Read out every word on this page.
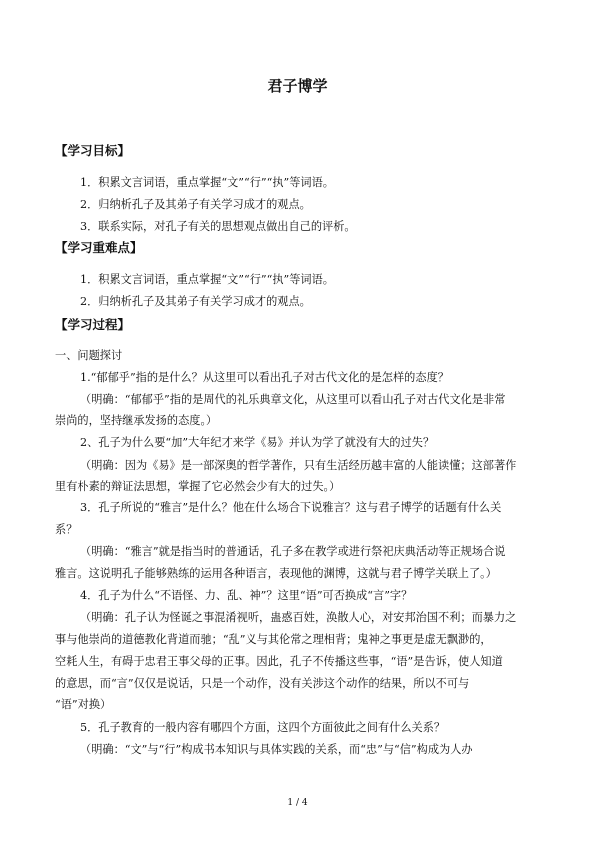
君子博学
【学习目标】
1．积累文言词语，重点掌握“文”“行”“执”等词语。
2．归纳析孔子及其弟子有关学习成才的观点。
3．联系实际，对孔子有关的思想观点做出自己的评析。
【学习重难点】
1．积累文言词语，重点掌握“文”“行”“执”等词语。
2．归纳析孔子及其弟子有关学习成才的观点。
【学习过程】
一、问题探讨
1.“郁郁乎”指的是什么？从这里可以看出孔子对古代文化的是怎样的态度？
（明确：“郁郁乎”指的是周代的礼乐典章文化，从这里可以看山孔子对古代文化是非常
崇尚的，坚持继承发扬的态度。）
2、孔子为什么要“加”大年纪才来学《易》并认为学了就没有大的过失？
（明确：因为《易》是一部深奥的哲学著作，只有生活经历越丰富的人能读懂；这部著作
里有朴素的辩证法思想，掌握了它必然会少有大的过失。）
3．孔子所说的“雅言”是什么？他在什么场合下说雅言？这与君子博学的话题有什么关
系？
（明确：“雅言”就是指当时的普通话，孔子多在教学或进行祭祀庆典活动等正规场合说
雅言。这说明孔子能够熟练的运用各种语言，表现他的渊博，这就与君子博学关联上了。）
4．孔子为什么“不语怪、力、乱、神”？这里“语”可否换成“言”字？
（明确：孔子认为怪诞之事混淆视听，蛊惑百姓，涣散人心，对安邦治国不利；而暴力之
事与他崇尚的道德教化背道而驰；“乱”义与其伦常之理相背；鬼神之事更是虚无飘渺的，
空耗人生，有碍于忠君王事父母的正事。因此，孔子不传播这些事，“语”是告诉，使人知道
的意思，而“言”仅仅是说话，只是一个动作，没有关涉这个动作的结果，所以不可与
“语”对换）
5．孔子教育的一般内容有哪四个方面，这四个方面彼此之间有什么关系？
（明确：“文”与“行”构成书本知识与具体实践的关系，而“忠”与“信”构成为人办
1 / 4
